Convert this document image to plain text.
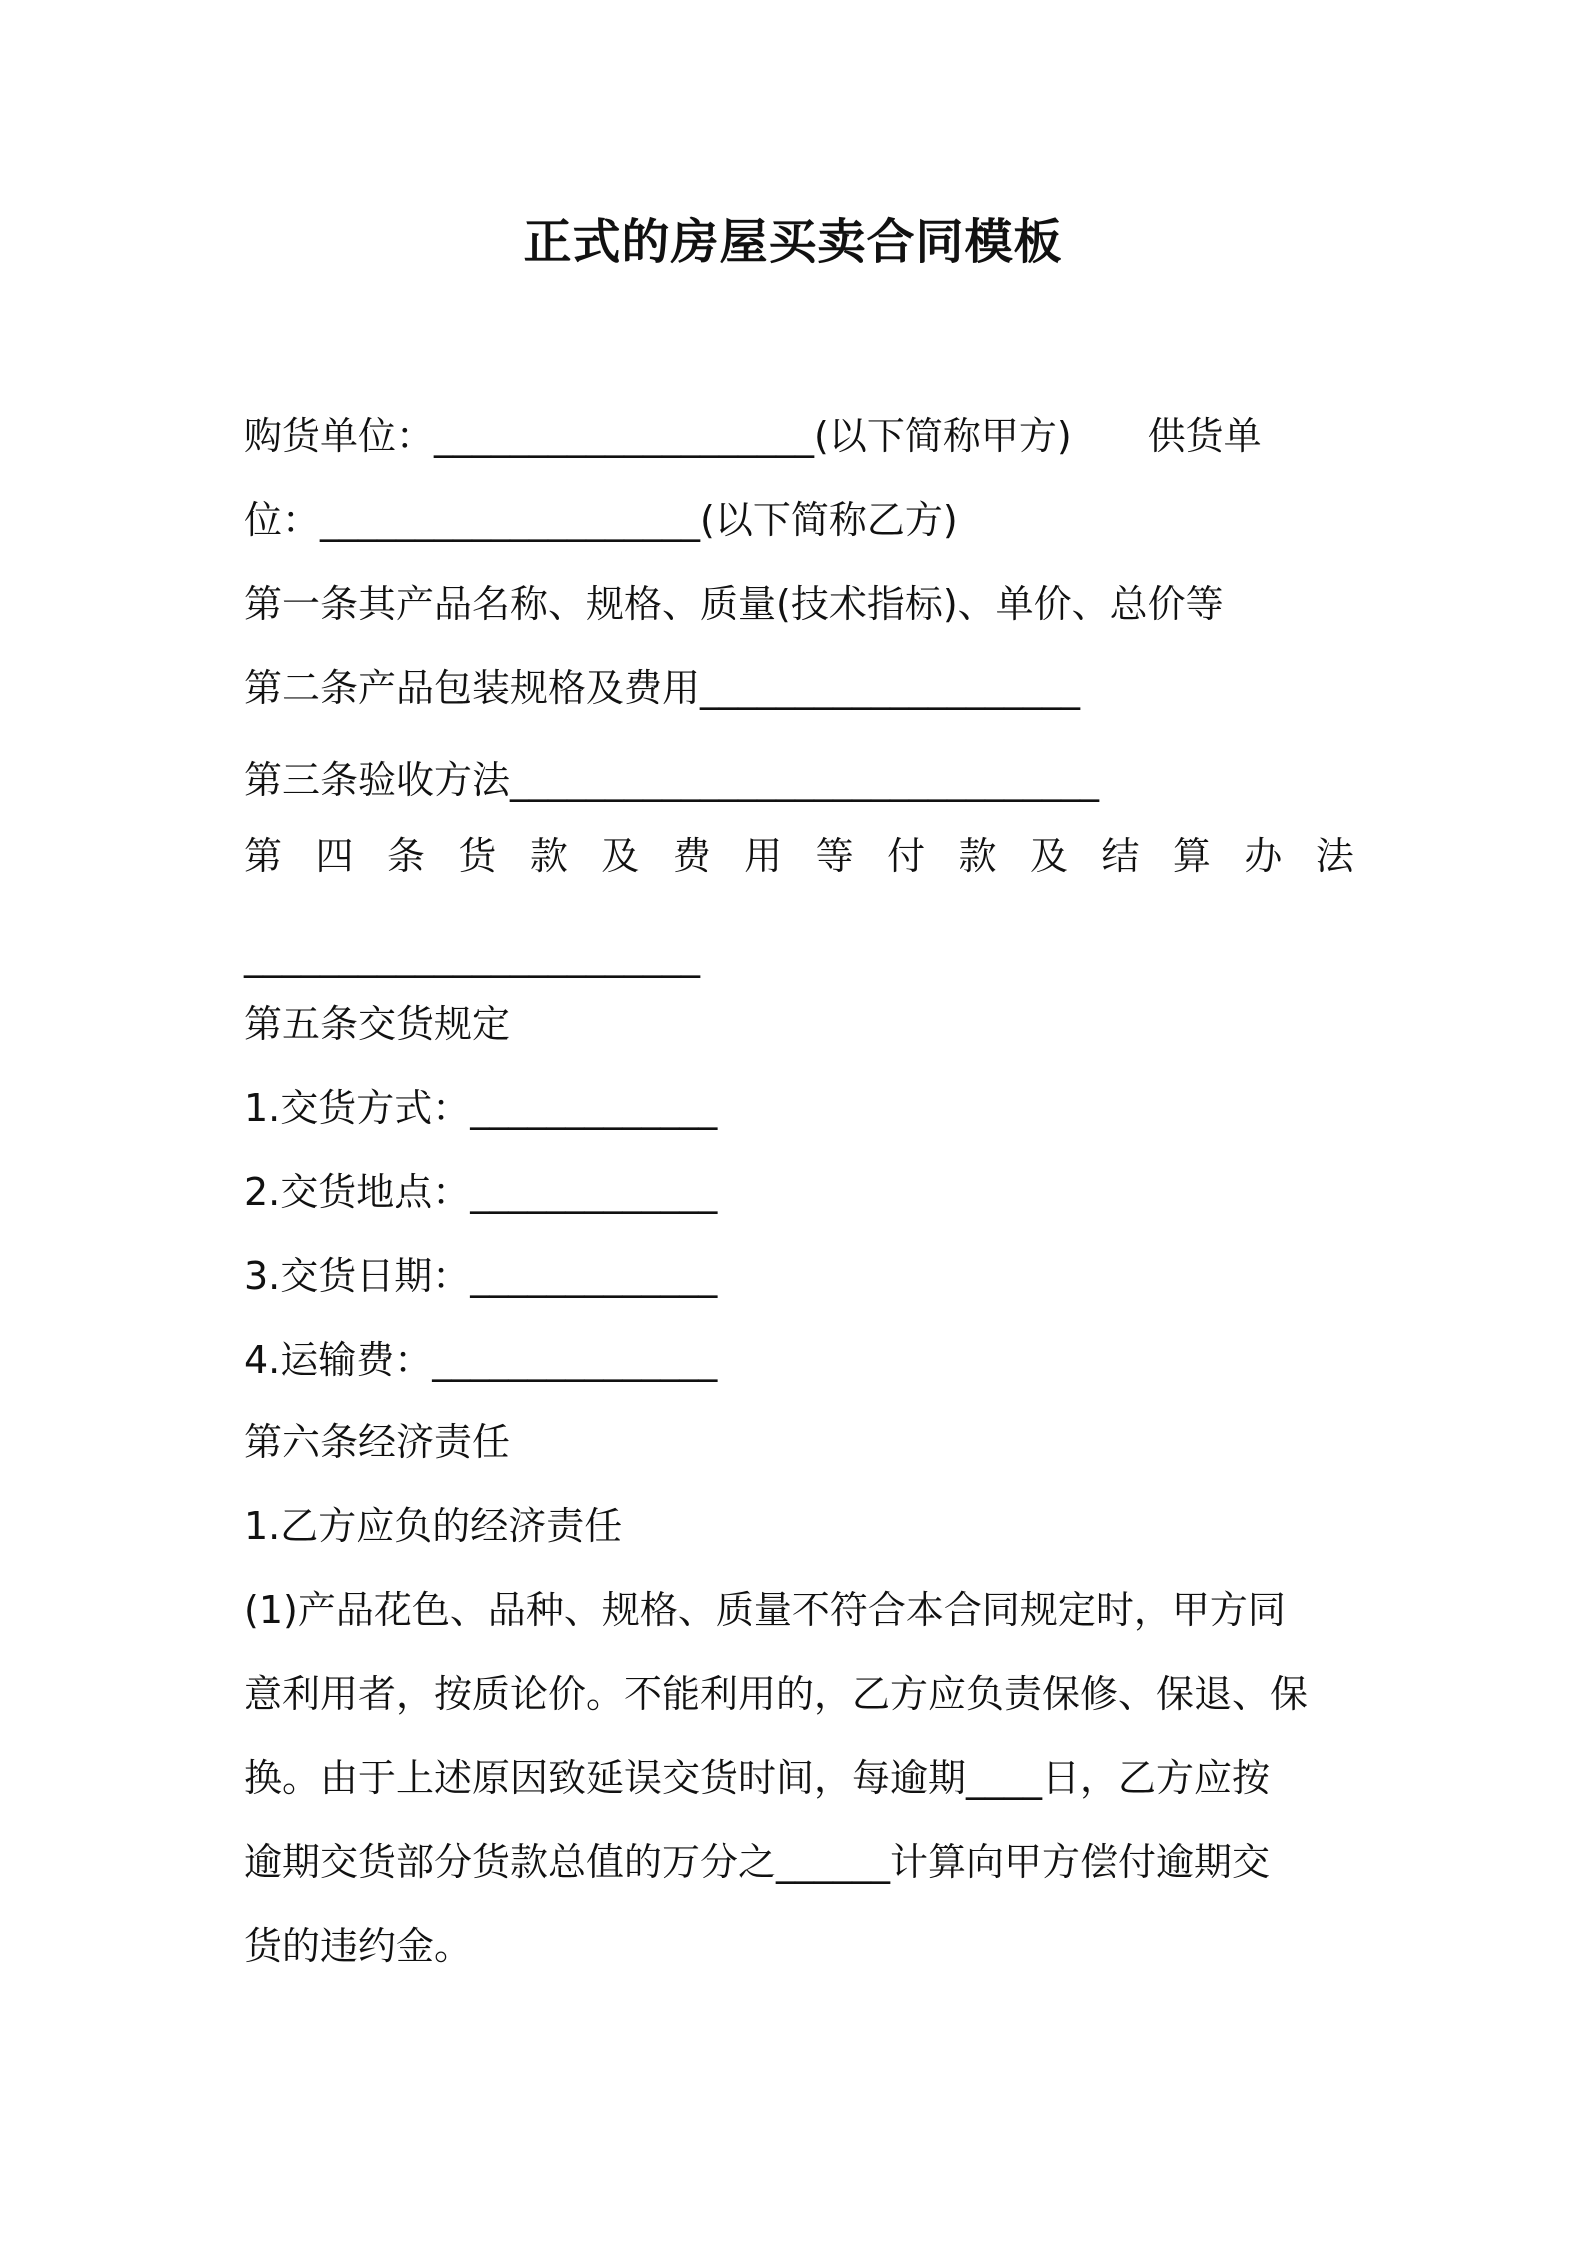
正式的房屋买卖合同模板
购货单位：____________________(以下简称甲方)　　供货单
位：____________________(以下简称乙方)
第一条其产品名称、规格、质量(技术指标)、单价、总价等
第二条产品包装规格及费用____________________
第三条验收方法_______________________________
第 四 条 货 款 及 费 用 等 付 款 及 结 算 办 法
________________________
第五条交货规定
1.交货方式：_____________
2.交货地点：_____________
3.交货日期：_____________
4.运输费：_______________
第六条经济责任
1.乙方应负的经济责任
(1)产品花色、品种、规格、质量不符合本合同规定时，甲方同
意利用者，按质论价。不能利用的，乙方应负责保修、保退、保
换。由于上述原因致延误交货时间，每逾期____日，乙方应按
逾期交货部分货款总值的万分之______计算向甲方偿付逾期交
货的违约金。
